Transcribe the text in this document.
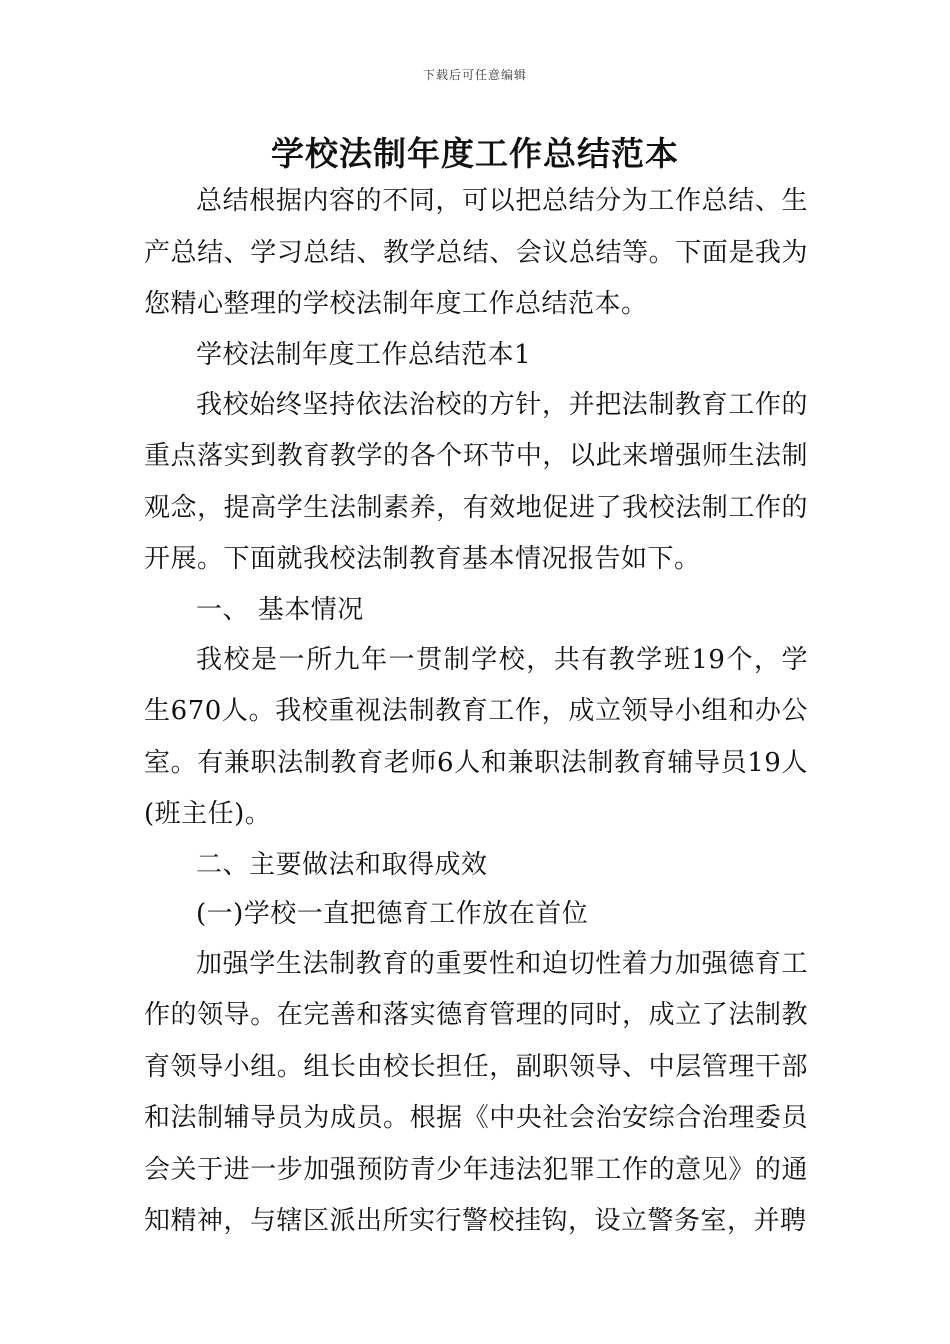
下载后可任意编辑
学校法制年度工作总结范本

总结根据内容的不同，可以把总结分为工作总结、生产总结、学习总结、教学总结、会议总结等。下面是我为您精心整理的学校法制年度工作总结范本。

学校法制年度工作总结范本1

我校始终坚持依法治校的方针，并把法制教育工作的重点落实到教育教学的各个环节中，以此来增强师生法制观念，提高学生法制素养，有效地促进了我校法制工作的开展。下面就我校法制教育基本情况报告如下。

一、 基本情况

我校是一所九年一贯制学校，共有教学班19个，学生670人。我校重视法制教育工作，成立领导小组和办公室。有兼职法制教育老师6人和兼职法制教育辅导员19人(班主任)。

二、主要做法和取得成效

(一)学校一直把德育工作放在首位

加强学生法制教育的重要性和迫切性着力加强德育工作的领导。在完善和落实德育管理的同时，成立了法制教育领导小组。组长由校长担任，副职领导、中层管理干部和法制辅导员为成员。根据《中央社会治安综合治理委员会关于进一步加强预防青少年违法犯罪工作的意见》的通知精神，与辖区派出所实行警校挂钩，设立警务室，并聘
